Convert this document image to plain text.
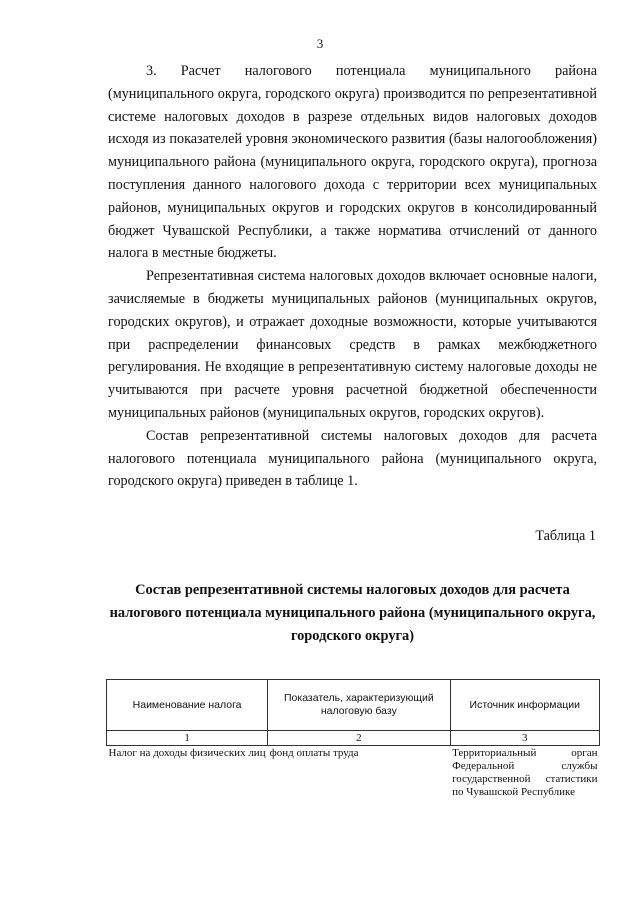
3

3. Расчет налогового потенциала муниципального района (муниципального округа, городского округа) производится по репрезентативной системе налоговых доходов в разрезе отдельных видов налоговых доходов исходя из показателей уровня экономического развития (базы налогообложения) муниципального района (муниципального округа, городского округа), прогноза поступления данного налогового дохода с территории всех муниципальных районов, муниципальных округов и городских округов в консолидированный бюджет Чувашской Республики, а также норматива отчислений от данного налога в местные бюджеты.

Репрезентативная система налоговых доходов включает основные налоги, зачисляемые в бюджеты муниципальных районов (муниципальных округов, городских округов), и отражает доходные возможности, которые учитываются при распределении финансовых средств в рамках межбюджетного регулирования. Не входящие в репрезентативную систему налоговые доходы не учитываются при расчете уровня расчетной бюджетной обеспеченности муниципальных районов (муниципальных округов, городских округов).

Состав репрезентативной системы налоговых доходов для расчета налогового потенциала муниципального района (муниципального округа, городского округа) приведен в таблице 1.

Таблица 1
Состав репрезентативной системы налоговых доходов для расчета налогового потенциала муниципального района (муниципального округа, городского округа)
Наименование налога	Показатель, характеризующий налоговую базу	Источник информации
1	2	3
Налог на доходы физических лиц	фонд оплаты труда	Территориальный орган Федеральной службы государственной статистики по Чувашской Республике
